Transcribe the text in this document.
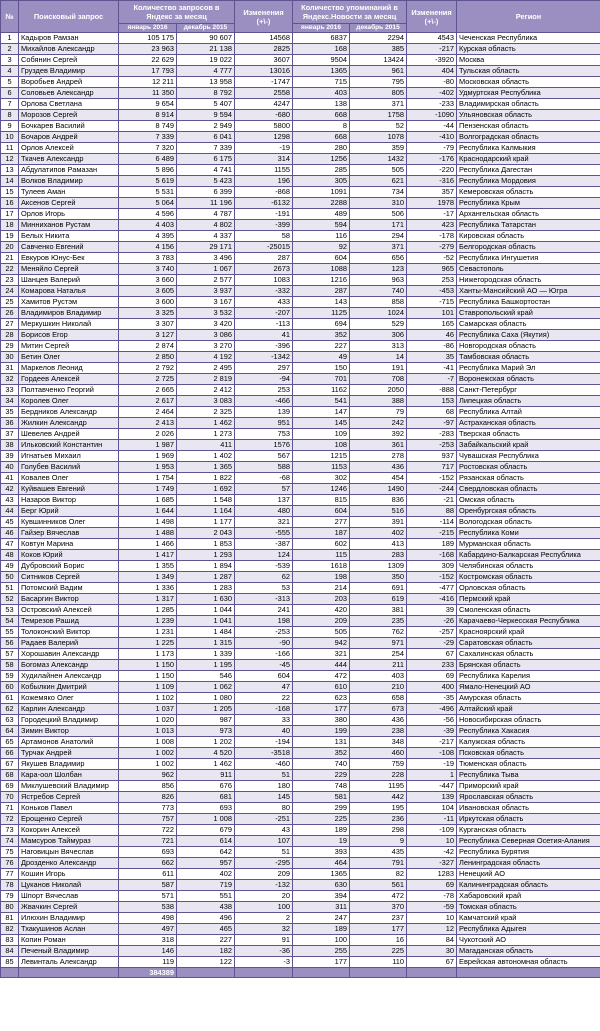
№	Поисковый запрос	Количество запросов в Яндекс за месяц		Изменения (+\-)	Количество упоминаний в Яндекс.Новости за месяц		Изменения (+\-)	Регион
		январь 2016	декабрь 2015		январь 2016	декабрь 2015		
1	Кадыров Рамзан	105 175	90 607	14568	6837	2294	4543	Чеченская Республика
2	Михайлов Александр	23 963	21 138	2825	168	385	-217	Курская область
3	Собянин Сергей	22 629	19 022	3607	9504	13424	-3920	Москва
4	Груздев Владимир	17 793	4 777	13016	1365	961	404	Тульская область
5	Воробьев Андрей	12 211	13 958	-1747	715	795	-80	Московская область
6	Соловьев Александр	11 350	8 792	2558	403	805	-402	Удмуртская Республика
7	Орлова Светлана	9 654	5 407	4247	138	371	-233	Владимирская область
8	Морозов Сергей	8 914	9 594	-680	668	1758	-1090	Ульяновская область
9	Бочкарев Василий	8 749	2 949	5800	8	52	-44	Пензенская область
10	Бочаров Андрей	7 339	6 041	1298	668	1078	-410	Волгоградская область
11	Орлов Алексей	7 320	7 339	-19	280	359	-79	Республика Калмыкия
12	Ткачев Александр	6 489	6 175	314	1256	1432	-176	Краснодарский край
13	Абдулатипов Рамазан	5 896	4 741	1155	285	505	-220	Республика Дагестан
14	Волков Владимир	5 619	5 423	196	305	621	-316	Республика Мордовия
15	Тулеев Аман	5 531	6 399	-868	1091	734	357	Кемеровская область
16	Аксенов Сергей	5 064	11 196	-6132	2288	310	1978	Республика Крым
17	Орлов Игорь	4 596	4 787	-191	489	506	-17	Архангельская область
18	Минниханов Рустам	4 403	4 802	-399	594	171	423	Республика Татарстан
19	Белых Никита	4 395	4 337	58	116	294	-178	Кировская область
20	Савченко Евгений	4 156	29 171	-25015	92	371	-279	Белгородская область
21	Евкуров Юнус-Бек	3 783	3 496	287	604	656	-52	Республика Ингушетия
22	Меняйло Сергей	3 740	1 067	2673	1088	123	965	Севастополь
23	Шанцев Валерий	3 660	2 577	1083	1216	963	253	Нижегородская область
24	Комарова Наталья	3 605	3 937	-332	287	740	-453	Ханты-Мансийский АО — Югра
25	Хамитов Рустэм	3 600	3 167	433	143	858	-715	Республика Башкортостан
26	Владимиров Владимир	3 325	3 532	-207	1125	1024	101	Ставропольский край
27	Меркушкин Николай	3 307	3 420	-113	694	529	165	Самарская область
28	Борисов Егор	3 127	3 086	41	352	306	46	Республика Саха (Якутия)
29	Митин Сергей	2 874	3 270	-396	227	313	-86	Новгородская область
30	Бетин Олег	2 850	4 192	-1342	49	14	35	Тамбовская область
31	Маркелов Леонид	2 792	2 495	297	150	191	-41	Республика Марий Эл
32	Гордеев Алексей	2 725	2 819	-94	701	708	-7	Воронежская область
33	Полтавченко Георгий	2 665	2 412	253	1162	2050	-888	Санкт-Петербург
34	Королев Олег	2 617	3 083	-466	541	388	153	Липецкая область
35	Бердников Александр	2 464	2 325	139	147	79	68	Республика Алтай
36	Жилкин Александр	2 413	1 462	951	145	242	-97	Астраханская область
37	Шевелев Андрей	2 026	1 273	753	109	392	-283	Тверская область
38	Ильковский Константин	1 987	411	1576	108	361	-253	Забайкальский край
39	Игнатьев Михаил	1 969	1 402	567	1215	278	937	Чувашская Республика
40	Голубев Василий	1 953	1 365	588	1153	436	717	Ростовская область
41	Ковалев Олег	1 754	1 822	-68	302	454	-152	Рязанская область
42	Куйвашев Евгений	1 749	1 692	57	1246	1490	-244	Свердловская область
43	Назаров Виктор	1 685	1 548	137	815	836	-21	Омская область
44	Берг Юрий	1 644	1 164	480	604	516	88	Оренбургская область
45	Кувшинников Олег	1 498	1 177	321	277	391	-114	Вологодская область
46	Гайзер Вячеслав	1 488	2 043	-555	187	402	-215	Республика Коми
47	Ковтун Марина	1 466	1 853	-387	602	413	189	Мурманская область
48	Коков Юрий	1 417	1 293	124	115	283	-168	Кабардино-Балкарская Республика
49	Дубровский Борис	1 355	1 894	-539	1618	1309	309	Челябинская область
50	Ситников Сергей	1 349	1 287	62	198	350	-152	Костромская область
51	Потомский Вадим	1 336	1 283	53	214	691	-477	Орловская область
52	Басаргин Виктор	1 317	1 630	-313	203	619	-416	Пермский край
53	Островский Алексей	1 285	1 044	241	420	381	39	Смоленская область
54	Темрезов Рашид	1 239	1 041	198	209	235	-26	Карачаево-Черкесская Республика
55	Толоконский Виктор	1 231	1 484	-253	505	762	-257	Красноярский край
56	Радаев Валерий	1 225	1 315	-90	942	971	-29	Саратовская область
57	Хорошавин Александр	1 173	1 339	-166	321	254	67	Сахалинская область
58	Богомаз Александр	1 150	1 195	-45	444	211	233	Брянская область
59	Худилайнен Александр	1 150	546	604	472	403	69	Республика Карелия
60	Кобылкин Дмитрий	1 109	1 062	47	610	210	400	Ямало-Ненецкий АО
61	Кожемяко Олег	1 102	1 080	22	623	658	-35	Амурская область
62	Карлин Александр	1 037	1 205	-168	177	673	-496	Алтайский край
63	Городецкий Владимир	1 020	987	33	380	436	-56	Новосибирская область
64	Зимин Виктор	1 013	973	40	199	238	-39	Республика Хакасия
65	Артамонов Анатолий	1 008	1 202	-194	131	348	-217	Калужская область
66	Турчак Андрей	1 002	4 520	-3518	352	460	-108	Псковская область
67	Якушев Владимир	1 002	1 462	-460	740	759	-19	Тюменская область
68	Кара-оол Шолбан	962	911	51	229	228	1	Республика Тыва
69	Миклушевский Владимир	856	676	180	748	1195	-447	Приморский край
70	Ястребов Сергей	826	681	145	581	442	139	Ярославская область
71	Коньков Павел	773	693	80	299	195	104	Ивановская область
72	Ерощенко Сергей	757	1 008	-251	225	236	-11	Иркутская область
73	Кокорин Алексей	722	679	43	189	298	-109	Курганская область
74	Мамсуров Таймураз	721	614	107	19	9	10	Республика Северная Осетия-Алания
75	Наговицын Вячеслав	693	642	51	393	435	-42	Республика Бурятия
76	Дрозденко Александр	662	957	-295	464	791	-327	Ленинградская область
77	Кошин Игорь	611	402	209	1365	82	1283	Ненецкий АО
78	Цуканов Николай	587	719	-132	630	561	69	Калининградская область
79	Шпорт Вячеслав	571	551	20	394	472	-78	Хабаровский край
80	Жвачкин Сергей	538	438	100	311	370	-59	Томская область
81	Илюхин Владимир	498	496	2	247	237	10	Камчатский край
82	Тхакушинов Аслан	497	465	32	189	177	12	Республика Адыгея
83	Копин Роман	318	227	91	100	16	84	Чукотский АО
84	Печеный Владимир	146	182	-36	255	225	30	Магаданская область
85	Левинталь Александр	119	122	-3	177	110	67	Еврейская автономная область
		384389						
